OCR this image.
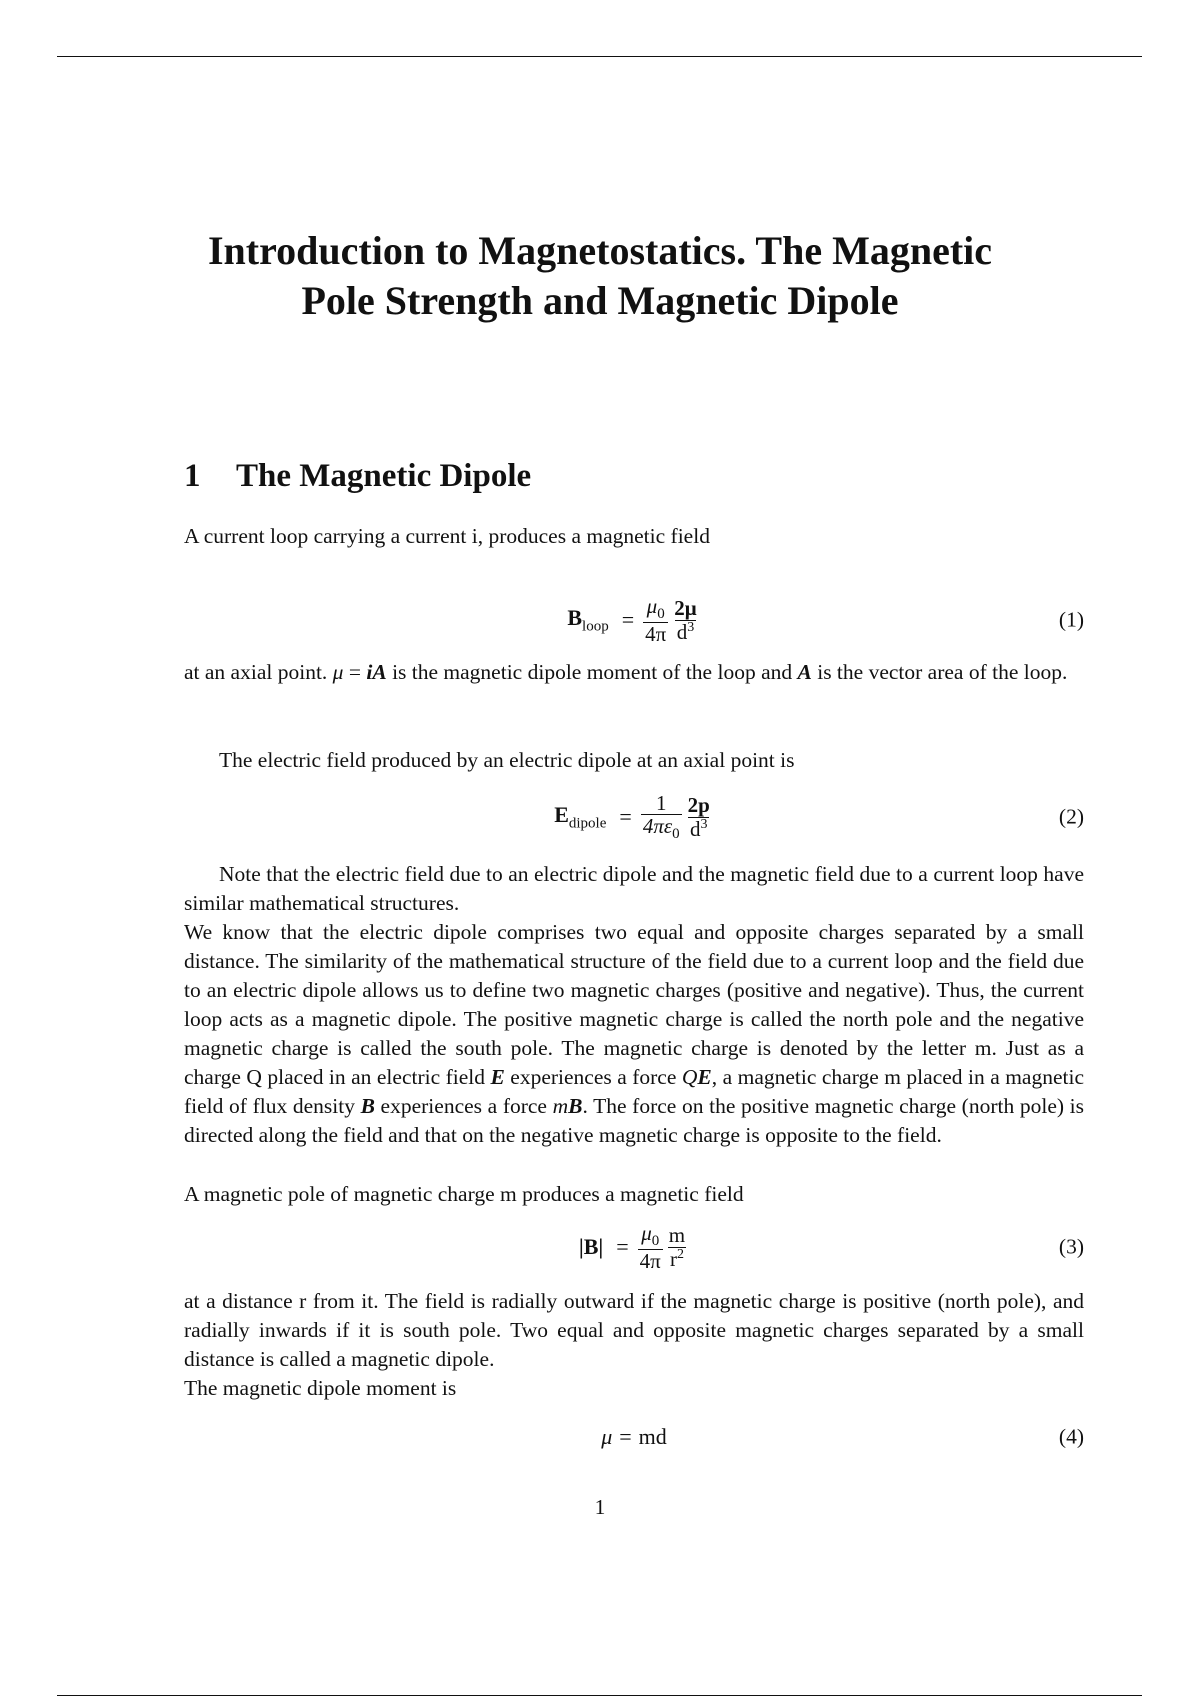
Introduction to Magnetostatics. The Magnetic
Pole Strength and Magnetic Dipole
1 The Magnetic Dipole

A current loop carrying a current i, produces a magnetic field

$B_{loop} = \frac{\mu_0}{4\pi} \frac{2\mu}{d^3}$	(1)

at an axial point. μ = iA is the magnetic dipole moment of the loop and A is the vector area of the loop.

The electric field produced by an electric dipole at an axial point is

$E_{dipole} = \frac{1}{4\pi\varepsilon_0} \frac{2p}{d^3}$	(2)

Note that the electric field due to an electric dipole and the magnetic field due to a current loop have similar mathematical structures.

We know that the electric dipole comprises two equal and opposite charges separated by a small distance. The similarity of the mathematical structure of the field due to a current loop and the field due to an electric dipole allows us to define two magnetic charges (positive and negative). Thus, the current loop acts as a magnetic dipole. The positive magnetic charge is called the north pole and the negative magnetic charge is called the south pole. The magnetic charge is denoted by the letter m. Just as a charge Q placed in an electric field E experiences a force QE, a magnetic charge m placed in a magnetic field of flux density B experiences a force mB. The force on the positive magnetic charge (north pole) is directed along the field and that on the negative magnetic charge is opposite to the field.

A magnetic pole of magnetic charge m produces a magnetic field

$|B| = \frac{\mu_0}{4\pi} \frac{m}{r^2}$	(3)

at a distance r from it. The field is radially outward if the magnetic charge is positive (north pole), and radially inwards if it is south pole. Two equal and opposite magnetic charges separated by a small distance is called a magnetic dipole.

The magnetic dipole moment is

μ = md	(4)
1
